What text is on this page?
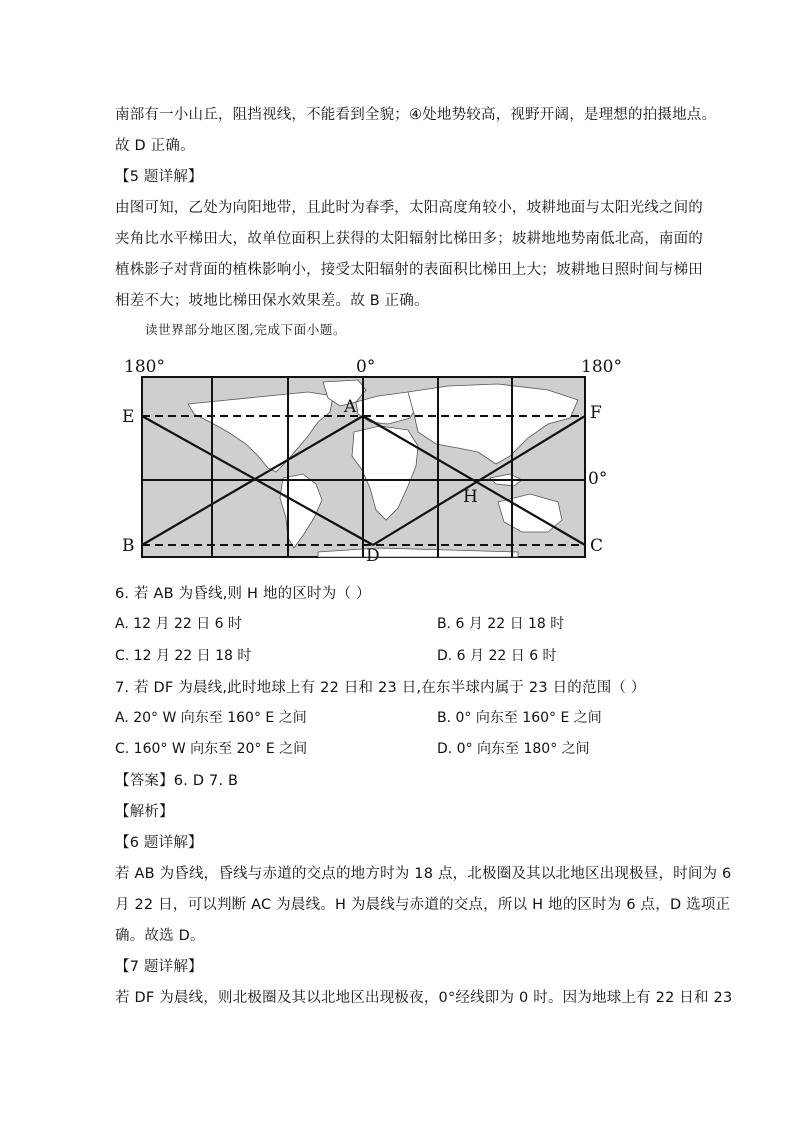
南部有一小山丘，阻挡视线，不能看到全貌；④处地势较高，视野开阔，是理想的拍摄地点。
故 D 正确。
【5 题详解】
由图可知，乙处为向阳地带，且此时为春季，太阳高度角较小，坡耕地面与太阳光线之间的
夹角比水平梯田大，故单位面积上获得的太阳辐射比梯田多；坡耕地地势南低北高，南面的
植株影子对背面的植株影响小，接受太阳辐射的表面积比梯田上大；坡耕地日照时间与梯田
相差不大；坡地比梯田保水效果差。故 B 正确。
读世界部分地区图,完成下面小题。
180°	0°	180°
E	F
A
B	C
D
H
0°
6. 若 AB 为昏线,则 H 地的区时为（ ）
A. 12 月 22 日 6 时	B. 6 月 22 日 18 时
C. 12 月 22 日 18 时	D. 6 月 22 日 6 时
7. 若 DF 为晨线,此时地球上有 22 日和 23 日,在东半球内属于 23 日的范围（ ）
A. 20° W 向东至 160° E 之间	B. 0° 向东至 160° E 之间
C. 160° W 向东至 20° E 之间	D. 0° 向东至 180° 之间
【答案】6. D 7. B
【解析】
【6 题详解】
若 AB 为昏线，昏线与赤道的交点的地方时为 18 点，北极圈及其以北地区出现极昼，时间为 6
月 22 日，可以判断 AC 为晨线。H 为晨线与赤道的交点，所以 H 地的区时为 6 点，D 选项正
确。故选 D。
【7 题详解】
若 DF 为晨线，则北极圈及其以北地区出现极夜，0°经线即为 0 时。因为地球上有 22 日和 23
